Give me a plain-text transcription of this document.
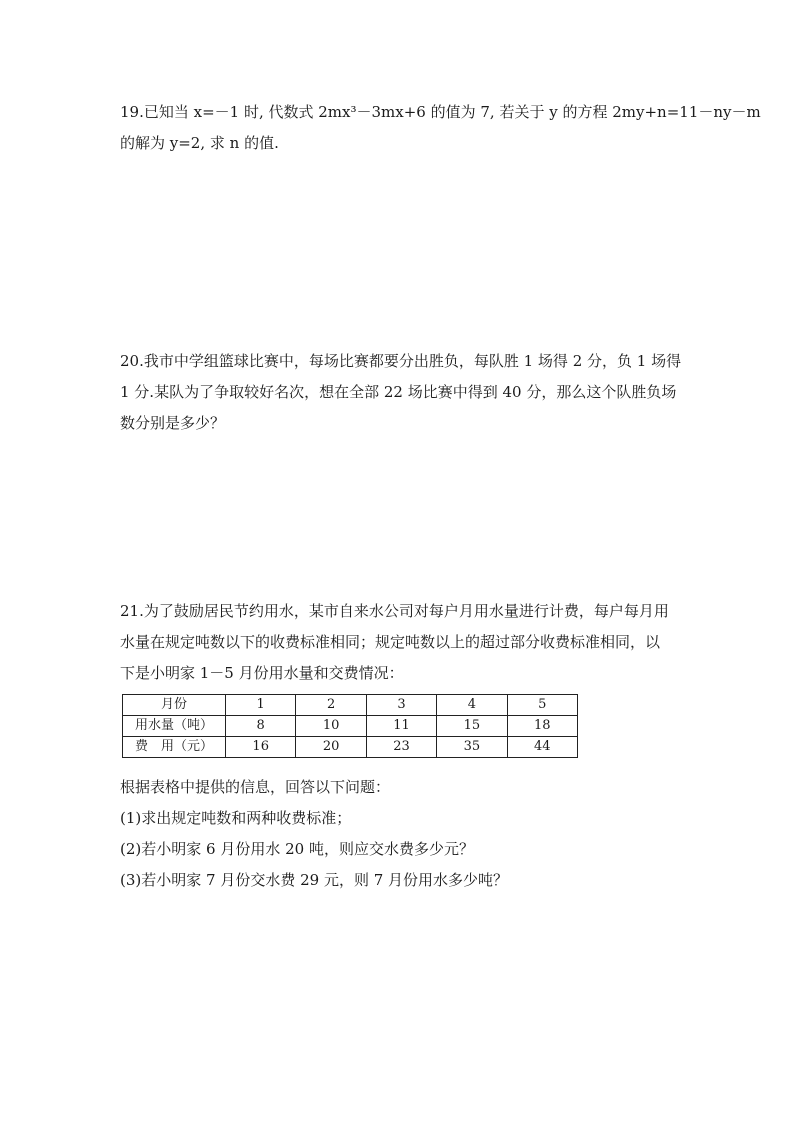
19.已知当 x=－1 时, 代数式 2mx³－3mx+6 的值为 7, 若关于 y 的方程 2my+n=11－ny－m
的解为 y=2, 求 n 的值.
20.我市中学组篮球比赛中，每场比赛都要分出胜负，每队胜 1 场得 2 分，负 1 场得
1 分.某队为了争取较好名次，想在全部 22 场比赛中得到 40 分，那么这个队胜负场
数分别是多少？
21.为了鼓励居民节约用水，某市自来水公司对每户月用水量进行计费，每户每月用
水量在规定吨数以下的收费标准相同；规定吨数以上的超过部分收费标准相同，以
下是小明家 1－5 月份用水量和交费情况：
月份	1	2	3	4	5
用水量（吨）	8	10	11	15	18
费　用（元）	16	20	23	35	44
根据表格中提供的信息，回答以下问题：
(1)求出规定吨数和两种收费标准；
(2)若小明家 6 月份用水 20 吨，则应交水费多少元？
(3)若小明家 7 月份交水费 29 元，则 7 月份用水多少吨？
